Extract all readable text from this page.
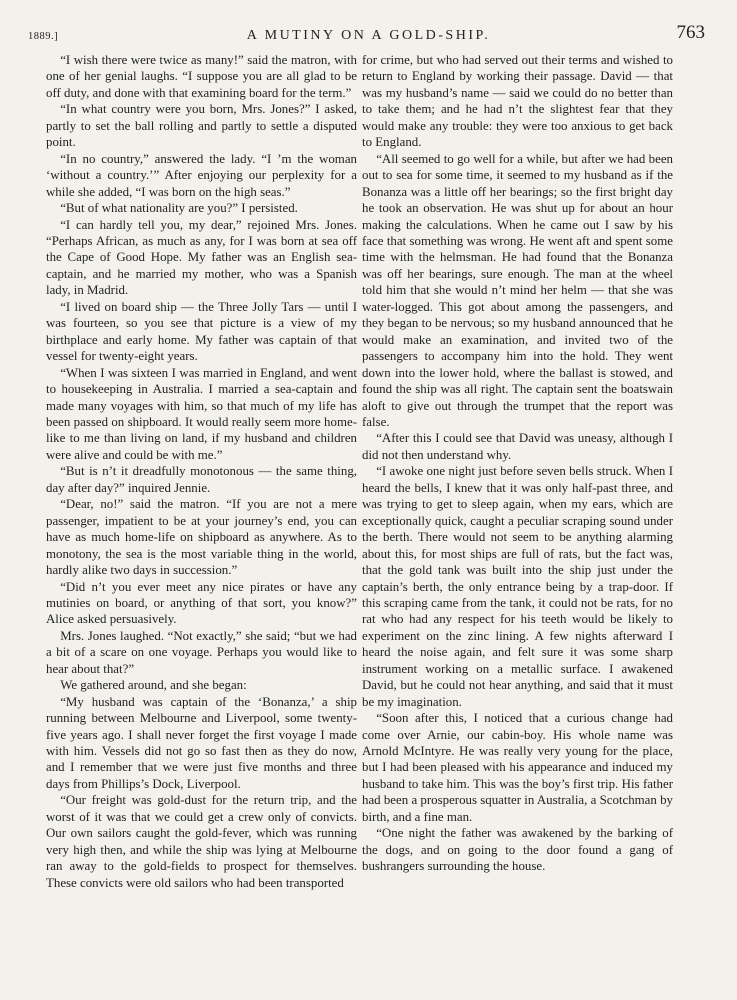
1889.]	A MUTINY ON A GOLD-SHIP.	763

“I wish there were twice as many!” said the matron, with one of her genial laughs. “I suppose you are all glad to be off duty, and done with that examining board for the term.”

“In what country were you born, Mrs. Jones?” I asked, partly to set the ball rolling and partly to settle a disputed point.

“In no country,” answered the lady. “I ’m the woman ‘without a country.’” After enjoying our perplexity for a while she added, “I was born on the high seas.”

“But of what nationality are you?” I persisted.

“I can hardly tell you, my dear,” rejoined Mrs. Jones. “Perhaps African, as much as any, for I was born at sea off the Cape of Good Hope. My father was an English sea-captain, and he married my mother, who was a Spanish lady, in Madrid.

“I lived on board ship — the Three Jolly Tars — until I was fourteen, so you see that picture is a view of my birthplace and early home. My father was captain of that vessel for twenty-eight years.

“When I was sixteen I was married in England, and went to housekeeping in Australia. I married a sea-captain and made many voyages with him, so that much of my life has been passed on shipboard. It would really seem more home-like to me than living on land, if my husband and children were alive and could be with me.”

“But is n’t it dreadfully monotonous — the same thing, day after day?” inquired Jennie.

“Dear, no!” said the matron. “If you are not a mere passenger, impatient to be at your journey’s end, you can have as much home-life on shipboard as anywhere. As to monotony, the sea is the most variable thing in the world, hardly alike two days in succession.”

“Did n’t you ever meet any nice pirates or have any mutinies on board, or anything of that sort, you know?” Alice asked persuasively.

Mrs. Jones laughed. “Not exactly,” she said; “but we had a bit of a scare on one voyage. Perhaps you would like to hear about that?”

We gathered around, and she began:

“My husband was captain of the ‘Bonanza,’ a ship running between Melbourne and Liverpool, some twenty-five years ago. I shall never forget the first voyage I made with him. Vessels did not go so fast then as they do now, and I remember that we were just five months and three days from Phillips’s Dock, Liverpool.

“Our freight was gold-dust for the return trip, and the worst of it was that we could get a crew only of convicts. Our own sailors caught the gold-fever, which was running very high then, and while the ship was lying at Melbourne ran away to the gold-fields to prospect for themselves. These convicts were old sailors who had been transported

for crime, but who had served out their terms and wished to return to England by working their passage. David — that was my husband’s name — said we could do no better than to take them; and he had n’t the slightest fear that they would make any trouble: they were too anxious to get back to England.

“All seemed to go well for a while, but after we had been out to sea for some time, it seemed to my husband as if the Bonanza was a little off her bearings; so the first bright day he took an observation. He was shut up for about an hour making the calculations. When he came out I saw by his face that something was wrong. He went aft and spent some time with the helmsman. He had found that the Bonanza was off her bearings, sure enough. The man at the wheel told him that she would n’t mind her helm — that she was water-logged. This got about among the passengers, and they began to be nervous; so my husband announced that he would make an examination, and invited two of the passengers to accompany him into the hold. They went down into the lower hold, where the ballast is stowed, and found the ship was all right. The captain sent the boatswain aloft to give out through the trumpet that the report was false.

“After this I could see that David was uneasy, although I did not then understand why.

“I awoke one night just before seven bells struck. When I heard the bells, I knew that it was only half-past three, and was trying to get to sleep again, when my ears, which are exceptionally quick, caught a peculiar scraping sound under the berth. There would not seem to be anything alarming about this, for most ships are full of rats, but the fact was, that the gold tank was built into the ship just under the captain’s berth, the only entrance being by a trap-door. If this scraping came from the tank, it could not be rats, for no rat who had any respect for his teeth would be likely to experiment on the zinc lining. A few nights afterward I heard the noise again, and felt sure it was some sharp instrument working on a metallic surface. I awakened David, but he could not hear anything, and said that it must be my imagination.

“Soon after this, I noticed that a curious change had come over Arnie, our cabin-boy. His whole name was Arnold McIntyre. He was really very young for the place, but I had been pleased with his appearance and induced my husband to take him. This was the boy’s first trip. His father had been a prosperous squatter in Australia, a Scotchman by birth, and a fine man.

“One night the father was awakened by the barking of the dogs, and on going to the door found a gang of bushrangers surrounding the house.
